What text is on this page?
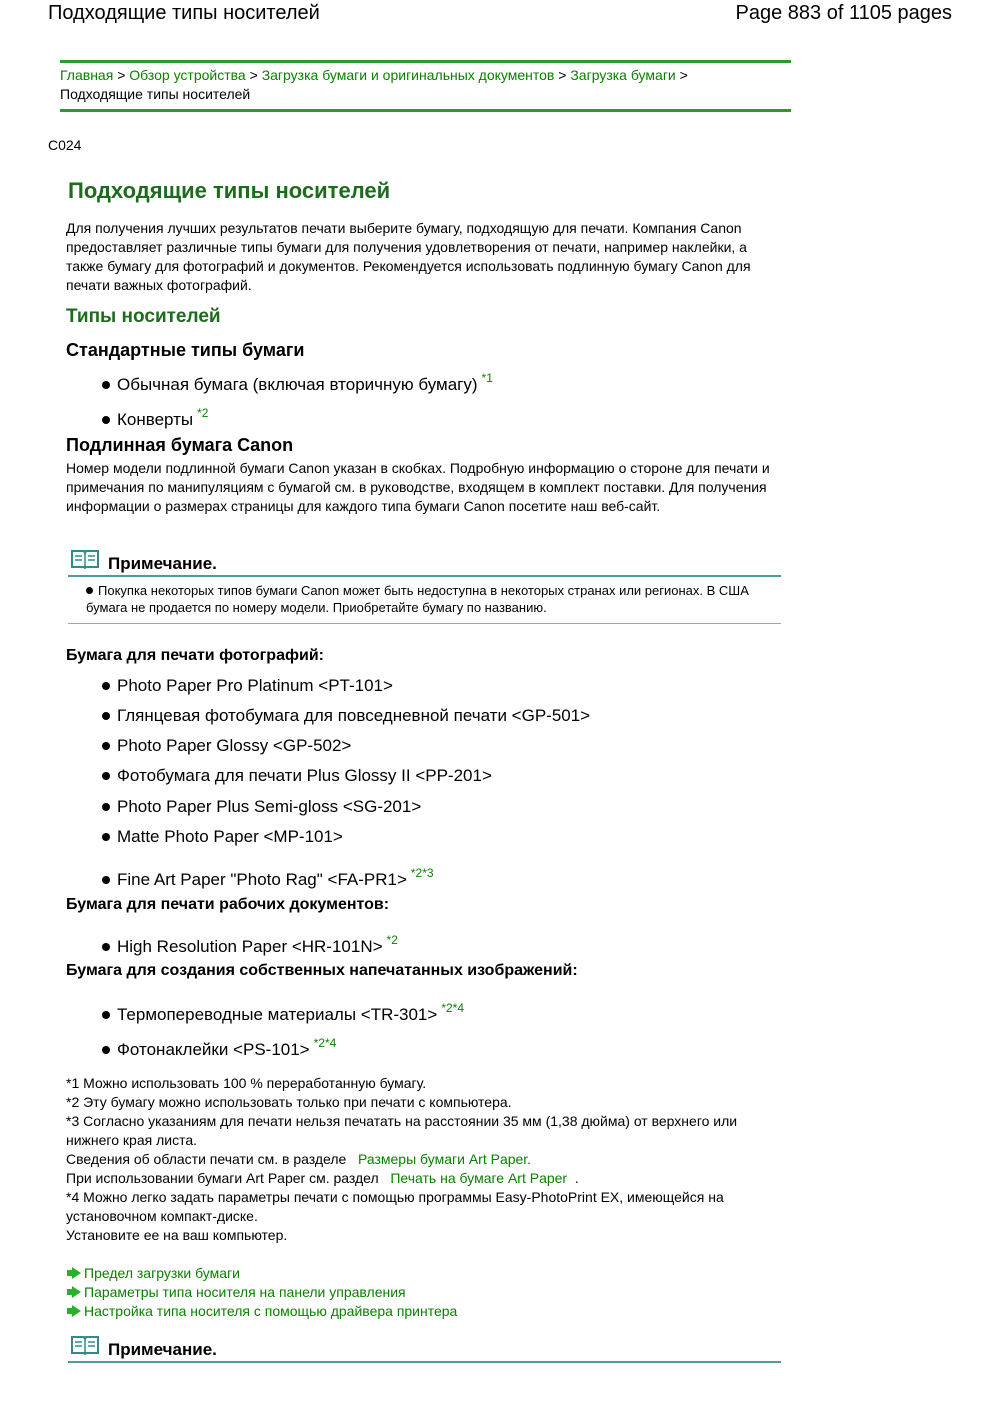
Подходящие типы носителей	Page 883 of 1105 pages
Главная > Обзор устройства > Загрузка бумаги и оригинальных документов > Загрузка бумаги >
Подходящие типы носителей
C024
Подходящие типы носителей
Для получения лучших результатов печати выберите бумагу, подходящую для печати. Компания Canon предоставляет различные типы бумаги для получения удовлетворения от печати, например наклейки, а также бумагу для фотографий и документов. Рекомендуется использовать подлинную бумагу Canon для печати важных фотографий.
Типы носителей
Стандартные типы бумаги
Обычная бумага (включая вторичную бумагу) $^{*1}$
Конверты $^{*2}$
Подлинная бумага Canon
Номер модели подлинной бумаги Canon указан в скобках. Подробную информацию о стороне для печати и примечания по манипуляциям с бумагой см. в руководстве, входящем в комплект поставки. Для получения информации о размерах страницы для каждого типа бумаги Canon посетите наш веб-сайт.
Примечание.
Покупка некоторых типов бумаги Canon может быть недоступна в некоторых странах или регионах. В США бумага не продается по номеру модели. Приобретайте бумагу по названию.
Бумага для печати фотографий:
Photo Paper Pro Platinum <PT-101>
Глянцевая фотобумага для повседневной печати <GP-501>
Photo Paper Glossy <GP-502>
Фотобумага для печати Plus Glossy II <PP-201>
Photo Paper Plus Semi-gloss <SG-201>
Matte Photo Paper <MP-101>
Fine Art Paper "Photo Rag" <FA-PR1> $^{*2*3}$
Бумага для печати рабочих документов:
High Resolution Paper <HR-101N> $^{*2}$
Бумага для создания собственных напечатанных изображений:
Термопереводные материалы <TR-301> $^{*2*4}$
Фотонаклейки <PS-101> $^{*2*4}$
*1 Можно использовать 100 % переработанную бумагу.
*2 Эту бумагу можно использовать только при печати с компьютера.
*3 Согласно указаниям для печати нельзя печатать на расстоянии 35 мм (1,38 дюйма) от верхнего или нижнего края листа.
Сведения об области печати см. в разделе Размеры бумаги Art Paper.
При использовании бумаги Art Paper см. раздел Печать на бумаге Art Paper .
*4 Можно легко задать параметры печати с помощью программы Easy-PhotoPrint EX, имеющейся на установочном компакт-диске.
Установите ее на ваш компьютер.
Предел загрузки бумаги
Параметры типа носителя на панели управления
Настройка типа носителя с помощью драйвера принтера
Примечание.
